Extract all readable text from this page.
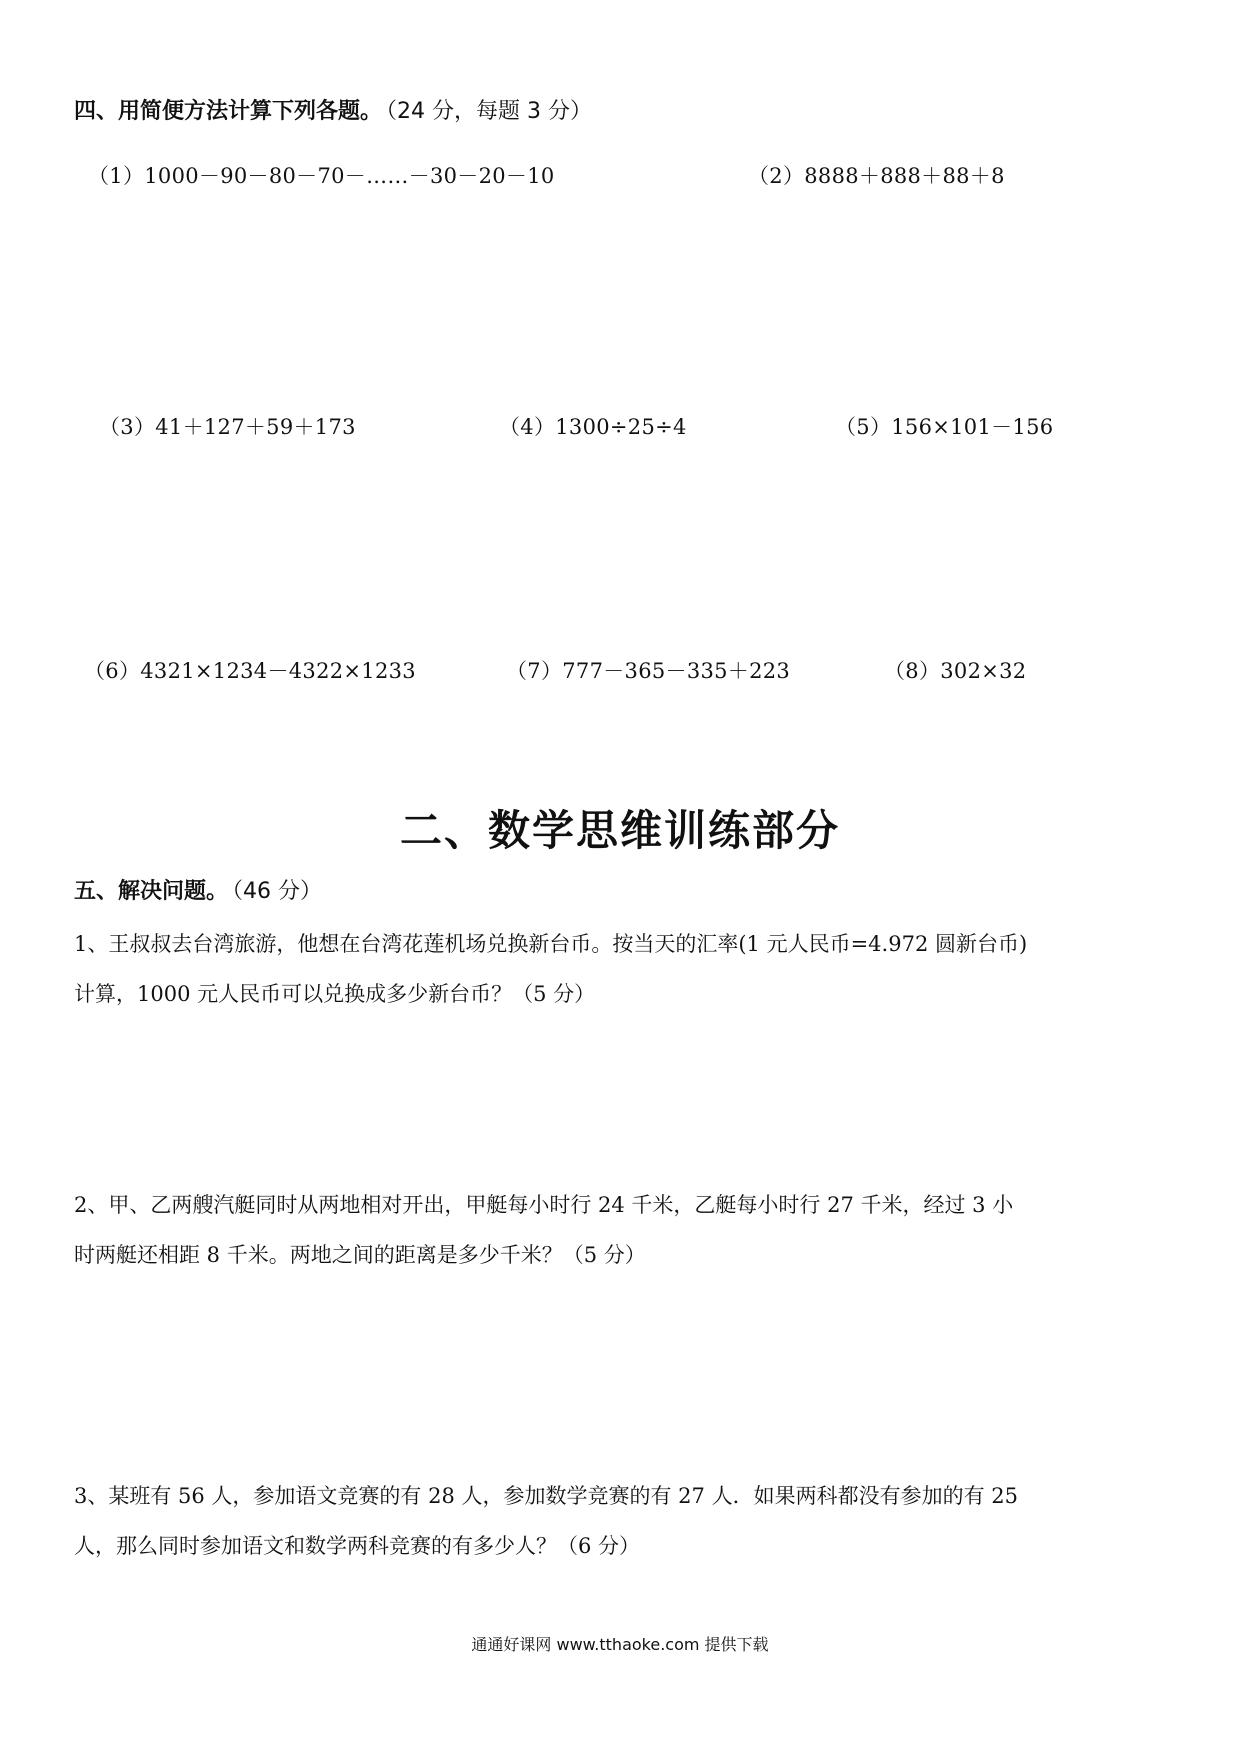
四、用简便方法计算下列各题。 （24 分，每题 3 分）
（1）1000－90－80－70－……－30－20－10	（2）8888＋888＋88＋8
（3）41＋127＋59＋173	（4）1300÷25÷4	（5）156×101－156
（6）4321×1234－4322×1233	（7）777－365－335＋223	（8）302×32
二、数学思维训练部分
五、解决问题。 （46 分）
1、王叔叔去台湾旅游，他想在台湾花莲机场兑换新台币。按当天的汇率(1 元人民币=4.972 圆新台币)
计算，1000 元人民币可以兑换成多少新台币？（5 分）
2、甲、乙两艘汽艇同时从两地相对开出，甲艇每小时行 24 千米，乙艇每小时行 27 千米，经过 3 小
时两艇还相距 8 千米。两地之间的距离是多少千米？（5 分）
3、某班有 56 人，参加语文竞赛的有 28 人，参加数学竞赛的有 27 人．如果两科都没有参加的有 25
人，那么同时参加语文和数学两科竞赛的有多少人？（6 分）
通通好课网 www.tthaoke.com 提供下载
